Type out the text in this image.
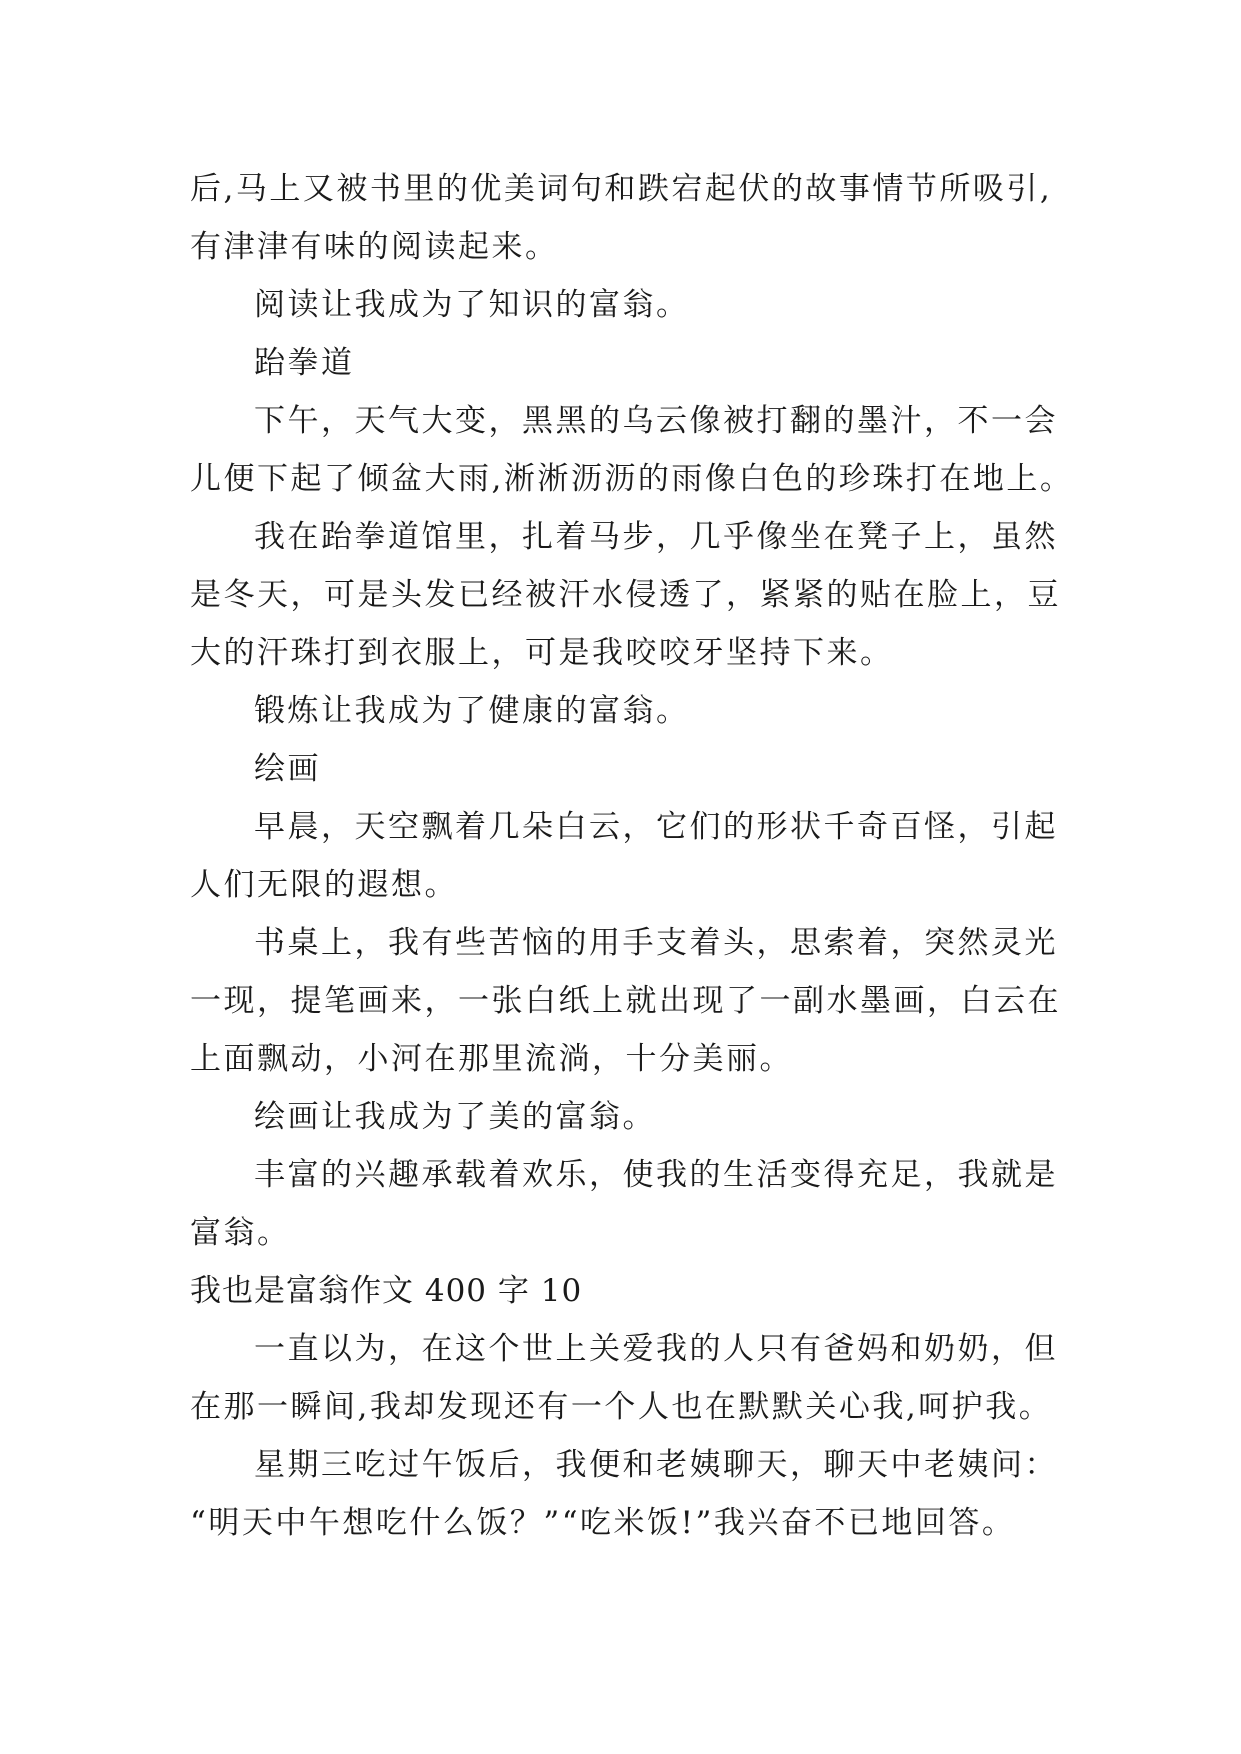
后,马上又被书里的优美词句和跌宕起伏的故事情节所吸引,
有津津有味的阅读起来。
阅读让我成为了知识的富翁。
跆拳道
下午，天气大变，黑黑的乌云像被打翻的墨汁，不一会
儿便下起了倾盆大雨,淅淅沥沥的雨像白色的珍珠打在地上。
我在跆拳道馆里，扎着马步，几乎像坐在凳子上，虽然
是冬天，可是头发已经被汗水侵透了，紧紧的贴在脸上，豆
大的汗珠打到衣服上，可是我咬咬牙坚持下来。
锻炼让我成为了健康的富翁。
绘画
早晨，天空飘着几朵白云，它们的形状千奇百怪，引起
人们无限的遐想。
书桌上，我有些苦恼的用手支着头，思索着，突然灵光
一现，提笔画来，一张白纸上就出现了一副水墨画，白云在
上面飘动，小河在那里流淌，十分美丽。
绘画让我成为了美的富翁。
丰富的兴趣承载着欢乐，使我的生活变得充足，我就是
富翁。
我也是富翁作文 400 字 10
一直以为，在这个世上关爱我的人只有爸妈和奶奶，但
在那一瞬间,我却发现还有一个人也在默默关心我,呵护我。
星期三吃过午饭后，我便和老姨聊天，聊天中老姨问：
“明天中午想吃什么饭？”“吃米饭!”我兴奋不已地回答。
